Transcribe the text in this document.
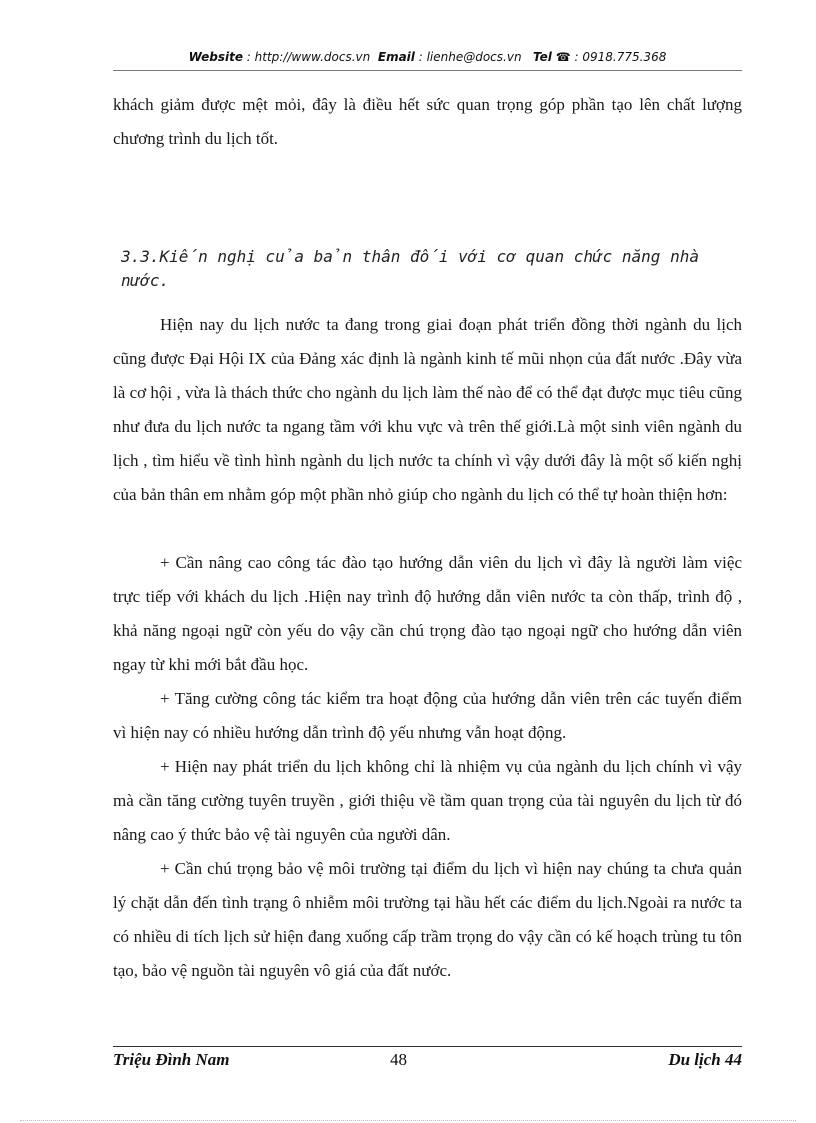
Website : http://www.docs.vn Email : lienhe@docs.vn Tel ☎ : 0918.775.368

khách giảm được mệt mỏi, đây là điều hết sức quan trọng góp phần tạo lên chất lượng chương trình du lịch tốt.

3.3.Kiến nghị của bản thân đối với cơ quan chức năng nhà nước.

Hiện nay du lịch nước ta đang trong giai đoạn phát triển đồng thời ngành du lịch cũng được Đại Hội IX của Đảng xác định là ngành kinh tế mũi nhọn của đất nước .Đây vừa là cơ hội , vừa là thách thức cho ngành du lịch làm thế nào để có thể đạt được mục tiêu cũng như đưa du lịch nước ta ngang tầm với khu vực và trên thế giới.Là một sinh viên ngành du lịch , tìm hiểu về tình hình ngành du lịch nước ta chính vì vậy dưới đây là một số kiến nghị của bản thân em nhằm góp một phần nhỏ giúp cho ngành du lịch có thể tự hoàn thiện hơn:

+ Cần nâng cao công tác đào tạo hướng dẫn viên du lịch vì đây là người làm việc trực tiếp với khách du lịch .Hiện nay trình độ hướng dẫn viên nước ta còn thấp, trình độ , khả năng ngoại ngữ còn yếu do vậy cần chú trọng đào tạo ngoại ngữ cho hướng dẫn viên ngay từ khi mới bắt đầu học.

+ Tăng cường công tác kiểm tra hoạt động của hướng dẫn viên trên các tuyến điểm vì hiện nay có nhiều hướng dẫn trình độ yếu nhưng vẫn hoạt động.

+ Hiện nay phát triển du lịch không chỉ là nhiệm vụ của ngành du lịch chính vì vậy mà cần tăng cường tuyên truyền , giới thiệu về tầm quan trọng của tài nguyên du lịch từ đó nâng cao ý thức bảo vệ tài nguyên của người dân.

+ Cần chú trọng bảo vệ môi trường tại điểm du lịch vì hiện nay chúng ta chưa quản lý chặt dẫn đến tình trạng ô nhiễm môi trường tại hầu hết các điểm du lịch.Ngoài ra nước ta có nhiều di tích lịch sử hiện đang xuống cấp trầm trọng do vậy cần có kế hoạch trùng tu tôn tạo, bảo vệ nguồn tài nguyên vô giá của đất nước.

Triệu Đình Nam	48	Du lịch 44
